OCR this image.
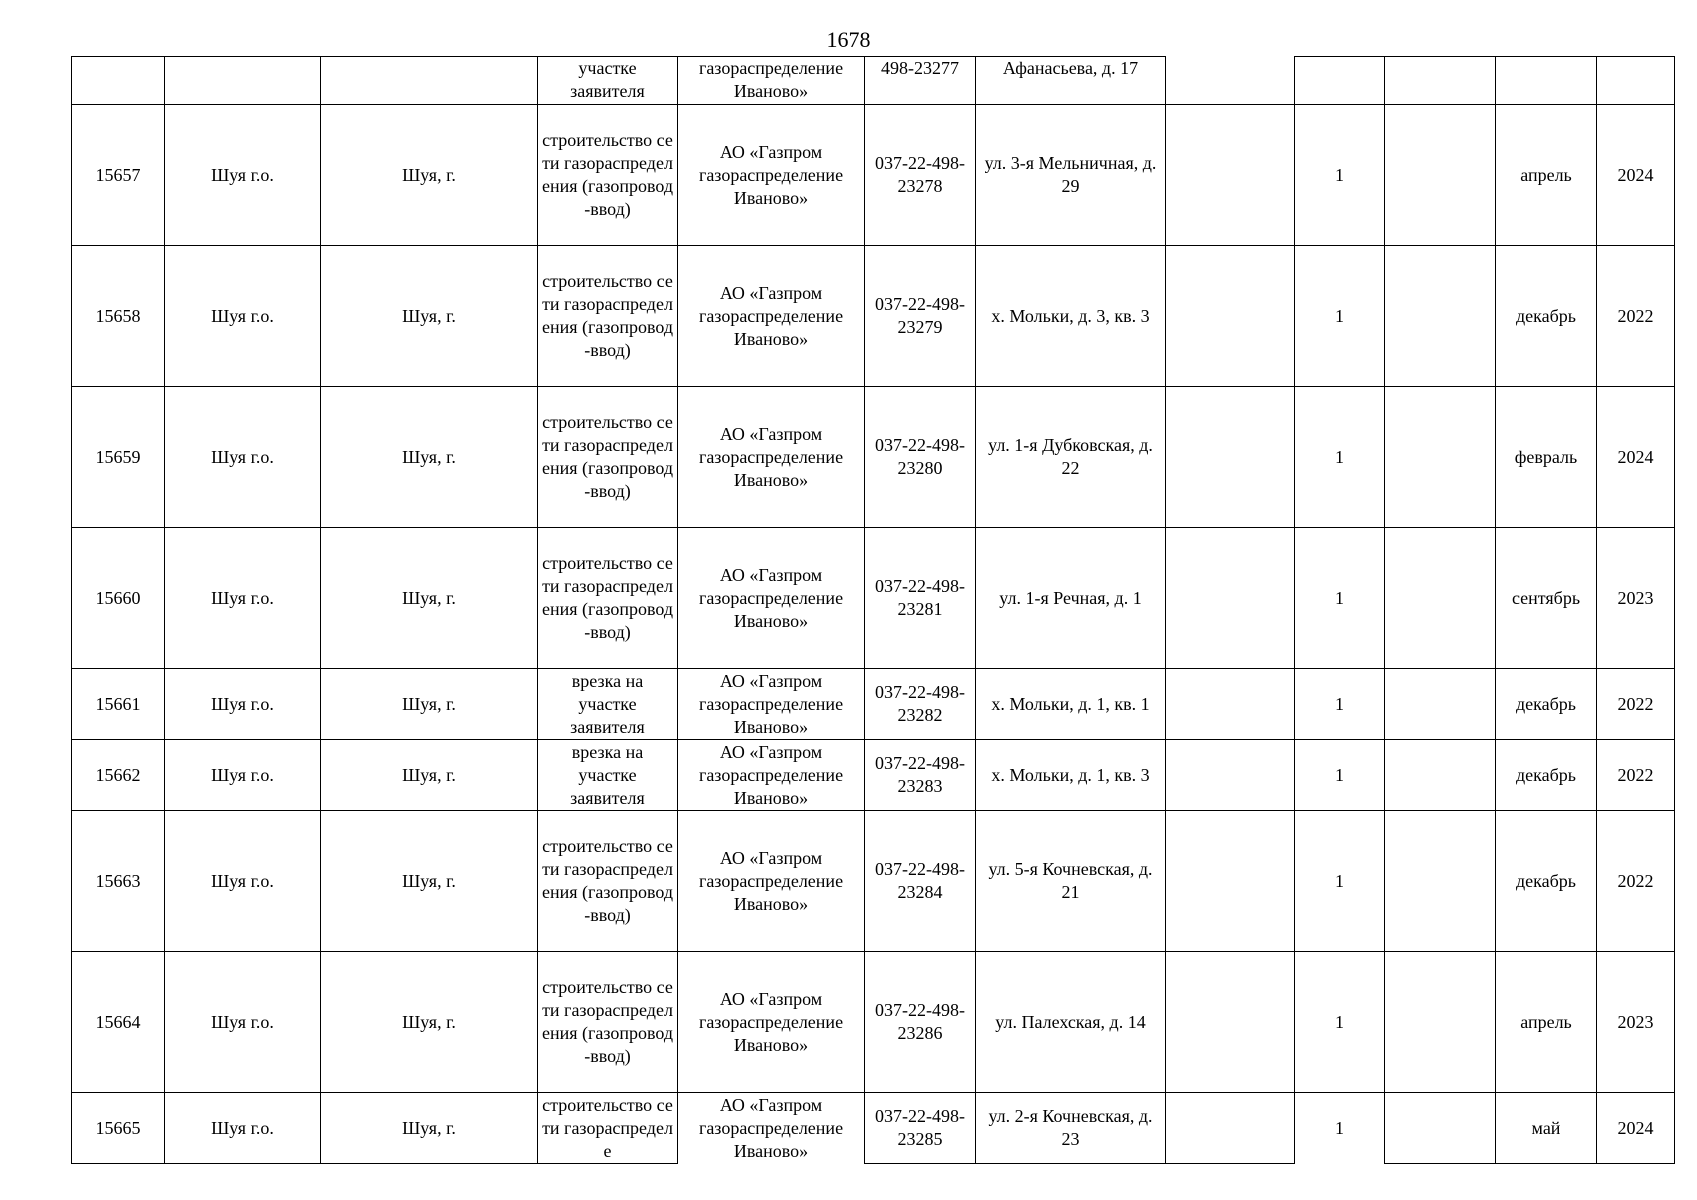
1678
			участке заявителя	газораспределение Иваново»	498-23277	Афанасьева, д. 17					
15657	Шуя г.о.	Шуя, г.	строительство сети газораспределения (газопровод-ввод)	АО «Газпром газораспределение Иваново»	037-22-498-23278	ул. 3-я Мельничная, д. 29		1		апрель	2024
15658	Шуя г.о.	Шуя, г.	строительство сети газораспределения (газопровод-ввод)	АО «Газпром газораспределение Иваново»	037-22-498-23279	х. Мольки, д. 3, кв. 3		1		декабрь	2022
15659	Шуя г.о.	Шуя, г.	строительство сети газораспределения (газопровод-ввод)	АО «Газпром газораспределение Иваново»	037-22-498-23280	ул. 1-я Дубковская, д. 22		1		февраль	2024
15660	Шуя г.о.	Шуя, г.	строительство сети газораспределения (газопровод-ввод)	АО «Газпром газораспределение Иваново»	037-22-498-23281	ул. 1-я Речная, д. 1		1		сентябрь	2023
15661	Шуя г.о.	Шуя, г.	врезка на участке заявителя	АО «Газпром газораспределение Иваново»	037-22-498-23282	х. Мольки, д. 1, кв. 1		1		декабрь	2022
15662	Шуя г.о.	Шуя, г.	врезка на участке заявителя	АО «Газпром газораспределение Иваново»	037-22-498-23283	х. Мольки, д. 1, кв. 3		1		декабрь	2022
15663	Шуя г.о.	Шуя, г.	строительство сети газораспределения (газопровод-ввод)	АО «Газпром газораспределение Иваново»	037-22-498-23284	ул. 5-я Кочневская, д. 21		1		декабрь	2022
15664	Шуя г.о.	Шуя, г.	строительство сети газораспределения (газопровод-ввод)	АО «Газпром газораспределение Иваново»	037-22-498-23286	ул. Палехская, д. 14		1		апрель	2023
15665	Шуя г.о.	Шуя, г.	строительство сети газораспределе	АО «Газпром газораспределение Иваново»	037-22-498-23285	ул. 2-я Кочневская, д. 23		1		май	2024
